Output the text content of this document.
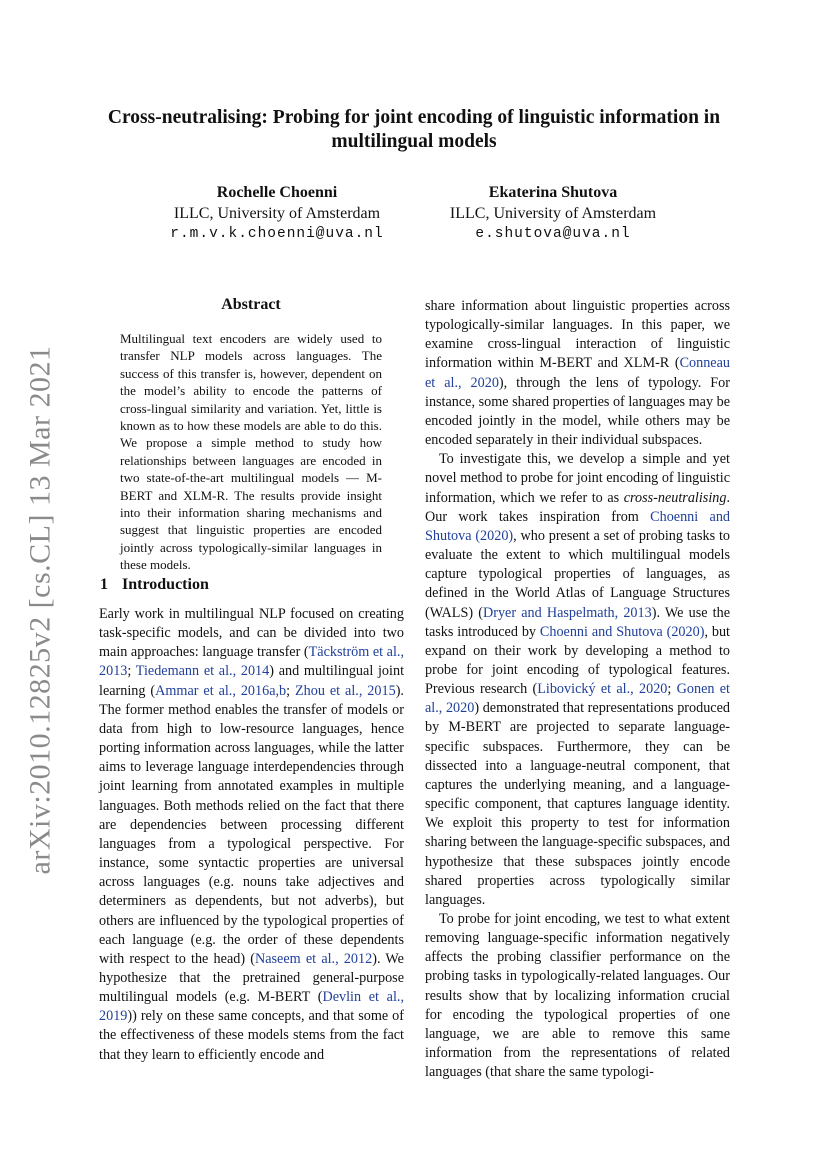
arXiv:2010.12825v2 [cs.CL] 13 Mar 2021
Cross-neutralising: Probing for joint encoding of linguistic information in multilingual models
Rochelle Choenni
ILLC, University of Amsterdam
r.m.v.k.choenni@uva.nl
Ekaterina Shutova
ILLC, University of Amsterdam
e.shutova@uva.nl
Abstract
Multilingual text encoders are widely used to transfer NLP models across languages. The success of this transfer is, however, dependent on the model’s ability to encode the patterns of cross-lingual similarity and variation. Yet, little is known as to how these models are able to do this. We propose a simple method to study how relationships between languages are encoded in two state-of-the-art multilingual models — M-BERT and XLM-R. The results provide insight into their information sharing mechanisms and suggest that linguistic properties are encoded jointly across typologically-similar languages in these models.
1 Introduction

Early work in multilingual NLP focused on creating task-specific models, and can be divided into two main approaches: language transfer (Täckström et al., 2013; Tiedemann et al., 2014) and multilingual joint learning (Ammar et al., 2016a,b; Zhou et al., 2015). The former method enables the transfer of models or data from high to low-resource languages, hence porting information across languages, while the latter aims to leverage language interdependencies through joint learning from annotated examples in multiple languages. Both methods relied on the fact that there are dependencies between processing different languages from a typological perspective. For instance, some syntactic properties are universal across languages (e.g. nouns take adjectives and determiners as dependents, but not adverbs), but others are influenced by the typological properties of each language (e.g. the order of these dependents with respect to the head) (Naseem et al., 2012). We hypothesize that the pretrained general-purpose multilingual models (e.g. M-BERT (Devlin et al., 2019)) rely on these same concepts, and that some of the effectiveness of these models stems from the fact that they learn to efficiently encode and

share information about linguistic properties across typologically-similar languages. In this paper, we examine cross-lingual interaction of linguistic information within M-BERT and XLM-R (Conneau et al., 2020), through the lens of typology. For instance, some shared properties of languages may be encoded jointly in the model, while others may be encoded separately in their individual subspaces.

To investigate this, we develop a simple and yet novel method to probe for joint encoding of linguistic information, which we refer to as cross-neutralising. Our work takes inspiration from Choenni and Shutova (2020), who present a set of probing tasks to evaluate the extent to which multilingual models capture typological properties of languages, as defined in the World Atlas of Language Structures (WALS) (Dryer and Haspelmath, 2013). We use the tasks introduced by Choenni and Shutova (2020), but expand on their work by developing a method to probe for joint encoding of typological features. Previous research (Libovický et al., 2020; Gonen et al., 2020) demonstrated that representations produced by M-BERT are projected to separate language-specific subspaces. Furthermore, they can be dissected into a language-neutral component, that captures the underlying meaning, and a language-specific component, that captures language identity. We exploit this property to test for information sharing between the language-specific subspaces, and hypothesize that these subspaces jointly encode shared properties across typologically similar languages.

To probe for joint encoding, we test to what extent removing language-specific information negatively affects the probing classifier performance on the probing tasks in typologically-related languages. Our results show that by localizing information crucial for encoding the typological properties of one language, we are able to remove this same information from the representations of related languages (that share the same typologi-
